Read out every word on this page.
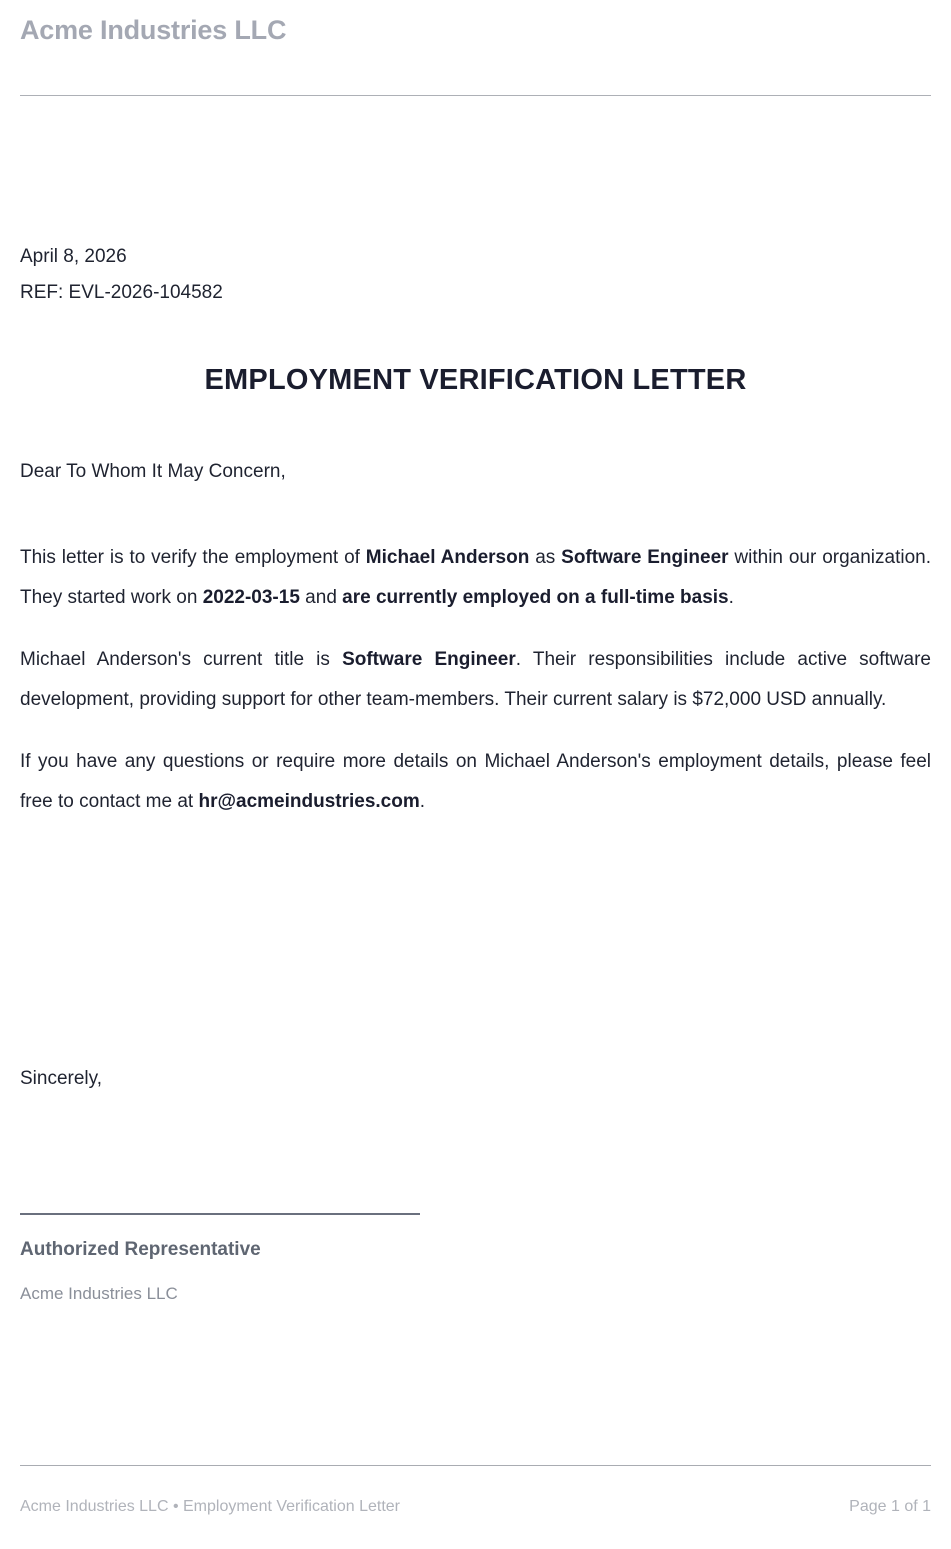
Acme Industries LLC
April 8, 2026
REF: EVL-2026-104582
EMPLOYMENT VERIFICATION LETTER
Dear To Whom It May Concern,

This letter is to verify the employment of Michael Anderson as Software Engineer within our organization. They started work on 2022-03-15 and are currently employed on a full-time basis.

Michael Anderson's current title is Software Engineer. Their responsibilities include active software development, providing support for other team-members. Their current salary is $72,000 USD annually.

If you have any questions or require more details on Michael Anderson's employment details, please feel free to contact me at hr@acmeindustries.com.

Sincerely,
Authorized Representative
Acme Industries LLC
Acme Industries LLC • Employment Verification Letter	Page 1 of 1
